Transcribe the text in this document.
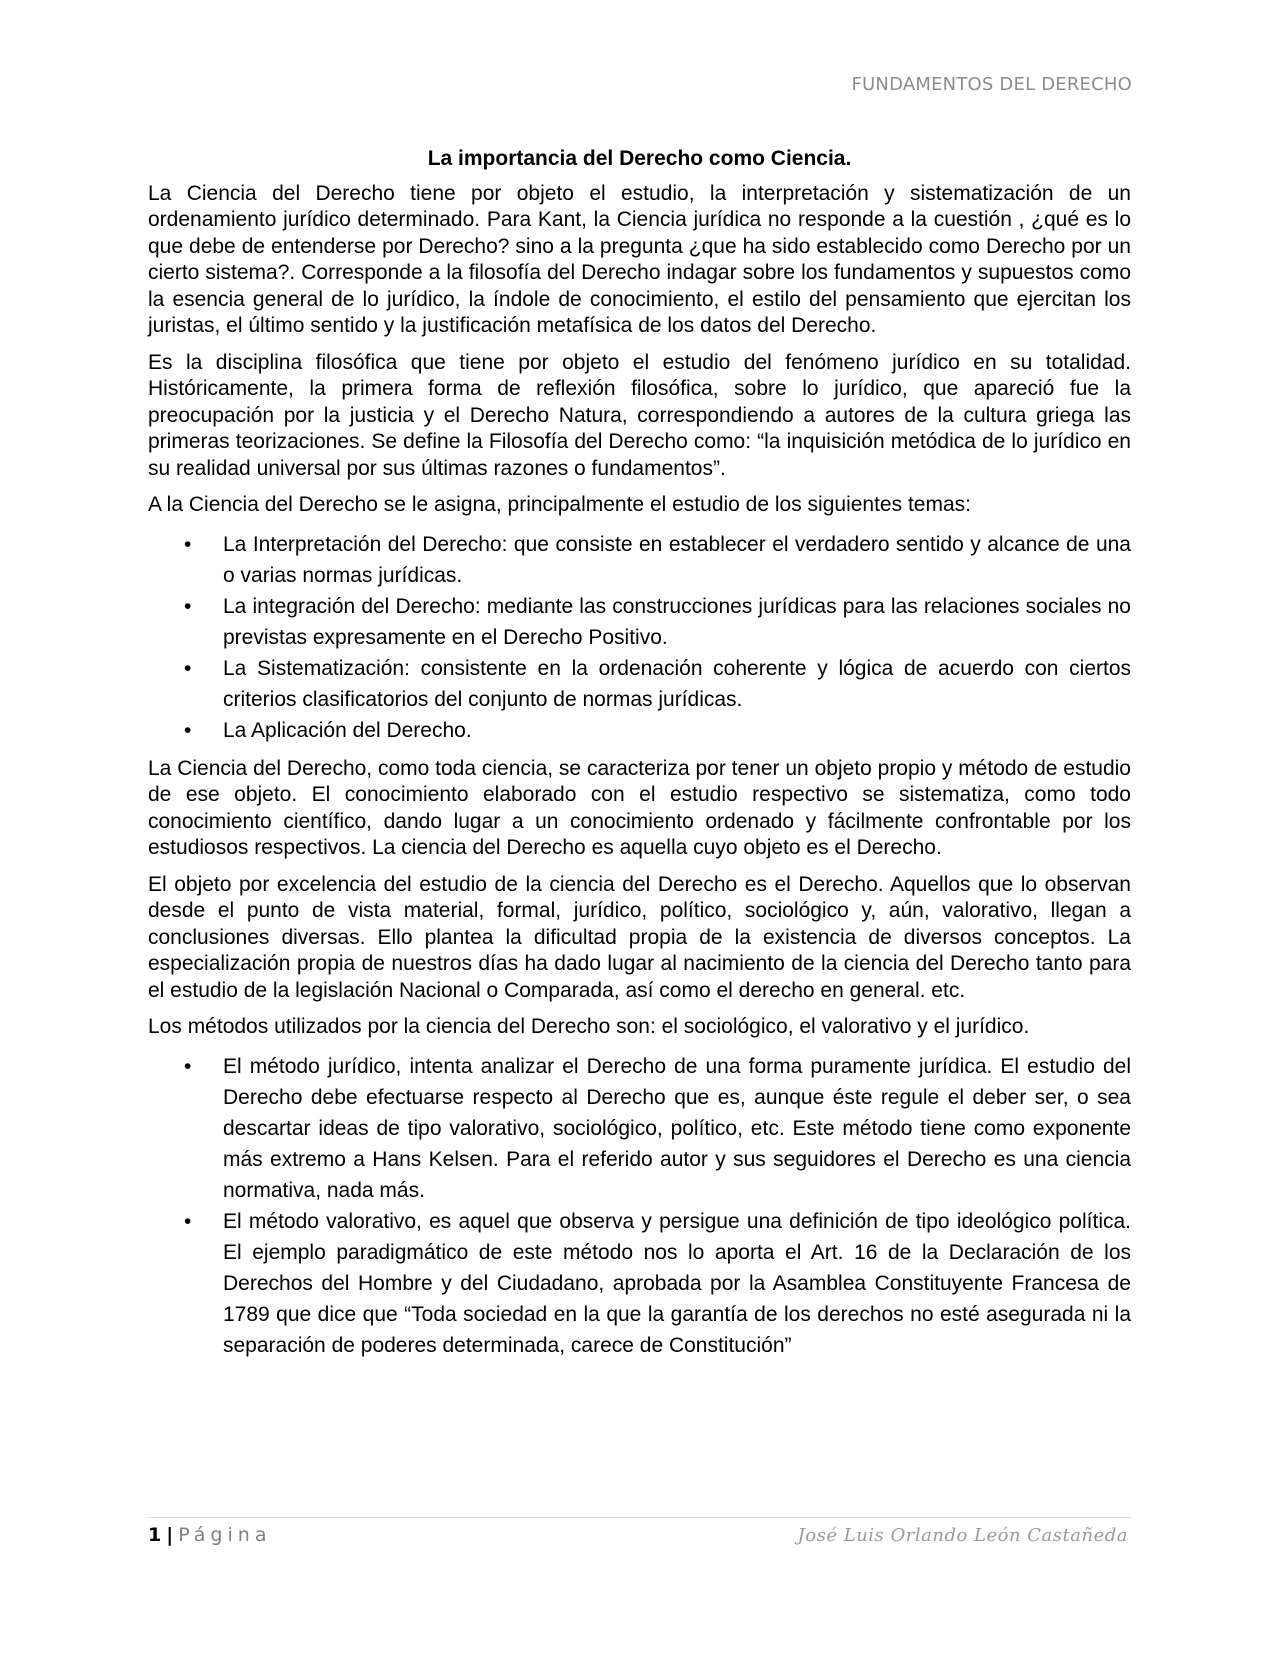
FUNDAMENTOS DEL DERECHO
La importancia del Derecho como Ciencia.

La Ciencia del Derecho tiene por objeto el estudio, la interpretación y sistematización de un ordenamiento jurídico determinado. Para Kant, la Ciencia jurídica no responde a la cuestión , ¿qué es lo que debe de entenderse por Derecho? sino a la pregunta ¿que ha sido establecido como Derecho por un cierto sistema?. Corresponde a la filosofía del Derecho indagar sobre los fundamentos y supuestos como la esencia general de lo jurídico, la índole de conocimiento, el estilo del pensamiento que ejercitan los juristas, el último sentido y la justificación metafísica de los datos del Derecho.

Es la disciplina filosófica que tiene por objeto el estudio del fenómeno jurídico en su totalidad. Históricamente, la primera forma de reflexión filosófica, sobre lo jurídico, que apareció fue la preocupación por la justicia y el Derecho Natura, correspondiendo a autores de la cultura griega las primeras teorizaciones. Se define la Filosofía del Derecho como: “la inquisición metódica de lo jurídico en su realidad universal por sus últimas razones o fundamentos”.

A la Ciencia del Derecho se le asigna, principalmente el estudio de los siguientes temas:

• La Interpretación del Derecho: que consiste en establecer el verdadero sentido y alcance de una o varias normas jurídicas.
• La integración del Derecho: mediante las construcciones jurídicas para las relaciones sociales no previstas expresamente en el Derecho Positivo.
• La Sistematización: consistente en la ordenación coherente y lógica de acuerdo con ciertos criterios clasificatorios del conjunto de normas jurídicas.
• La Aplicación del Derecho.

La Ciencia del Derecho, como toda ciencia, se caracteriza por tener un objeto propio y método de estudio de ese objeto. El conocimiento elaborado con el estudio respectivo se sistematiza, como todo conocimiento científico, dando lugar a un conocimiento ordenado y fácilmente confrontable por los estudiosos respectivos. La ciencia del Derecho es aquella cuyo objeto es el Derecho.

El objeto por excelencia del estudio de la ciencia del Derecho es el Derecho. Aquellos que lo observan desde el punto de vista material, formal, jurídico, político, sociológico y, aún, valorativo, llegan a conclusiones diversas. Ello plantea la dificultad propia de la existencia de diversos conceptos. La especialización propia de nuestros días ha dado lugar al nacimiento de la ciencia del Derecho tanto para el estudio de la legislación Nacional o Comparada, así como el derecho en general. etc.

Los métodos utilizados por la ciencia del Derecho son: el sociológico, el valorativo y el jurídico.

• El método jurídico, intenta analizar el Derecho de una forma puramente jurídica. El estudio del Derecho debe efectuarse respecto al Derecho que es, aunque éste regule el deber ser, o sea descartar ideas de tipo valorativo, sociológico, político, etc. Este método tiene como exponente más extremo a Hans Kelsen. Para el referido autor y sus seguidores el Derecho es una ciencia normativa, nada más.
• El método valorativo, es aquel que observa y persigue una definición de tipo ideológico política. El ejemplo paradigmático de este método nos lo aporta el Art. 16 de la Declaración de los Derechos del Hombre y del Ciudadano, aprobada por la Asamblea Constituyente Francesa de 1789 que dice que “Toda sociedad en la que la garantía de los derechos no esté asegurada ni la separación de poderes determinada, carece de Constitución”
1 | Página	José Luis Orlando León Castañeda
